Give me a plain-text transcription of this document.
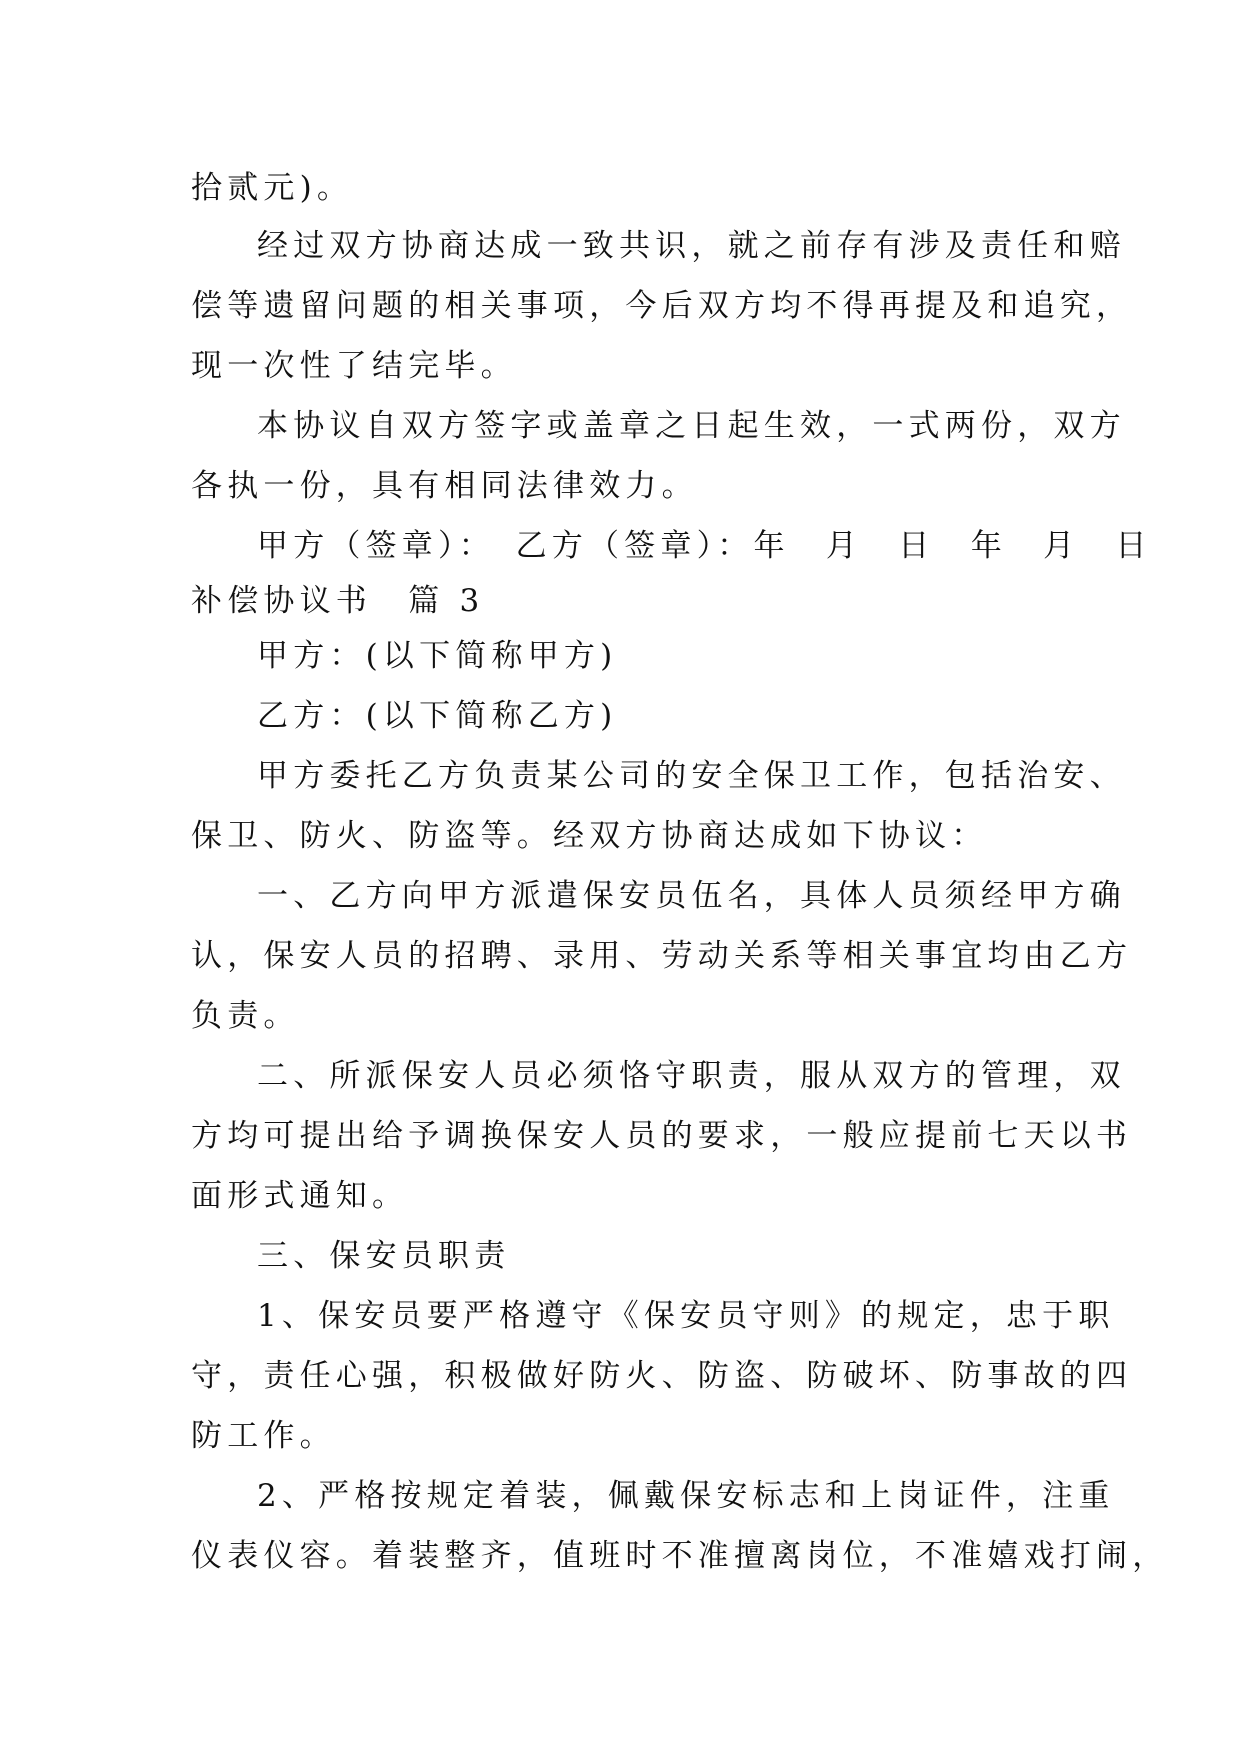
拾贰元)。
经过双方协商达成一致共识，就之前存有涉及责任和赔
偿等遗留问题的相关事项，今后双方均不得再提及和追究，
现一次性了结完毕。
本协议自双方签字或盖章之日起生效，一式两份，双方
各执一份，具有相同法律效力。
甲方（签章）：　乙方（签章）：年　月　日　年　月　日
补偿协议书　篇 3
甲方：(以下简称甲方)
乙方：(以下简称乙方)
甲方委托乙方负责某公司的安全保卫工作，包括治安、
保卫、防火、防盗等。经双方协商达成如下协议：
一、乙方向甲方派遣保安员伍名，具体人员须经甲方确
认，保安人员的招聘、录用、劳动关系等相关事宜均由乙方
负责。
二、所派保安人员必须恪守职责，服从双方的管理，双
方均可提出给予调换保安人员的要求，一般应提前七天以书
面形式通知。
三、保安员职责
1、保安员要严格遵守《保安员守则》的规定，忠于职
守，责任心强，积极做好防火、防盗、防破坏、防事故的四
防工作。
2、严格按规定着装，佩戴保安标志和上岗证件，注重
仪表仪容。着装整齐，值班时不准擅离岗位，不准嬉戏打闹，
